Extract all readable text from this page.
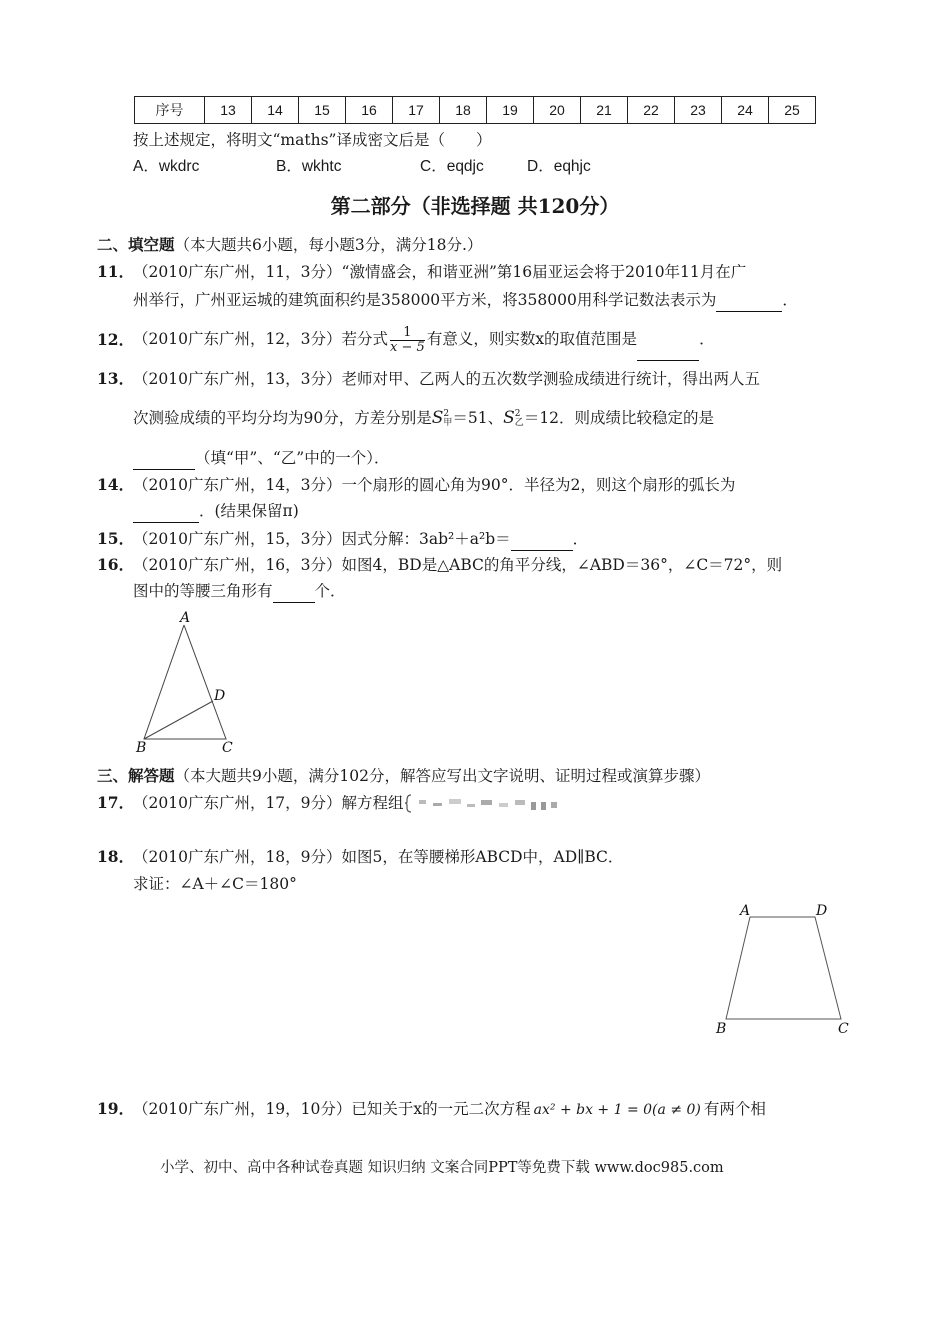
序号	13	14	15	16	17	18	19	20	21	22	23	24	25
按上述规定，将明文“maths”译成密文后是（　　）
A．wkdrc	B．wkhtc	C．eqdjc	D．eqhjc
第二部分（非选择题 共120分）
二、填空题（本大题共6小题，每小题3分，满分18分.）
11．
（2010广东广州，11，3分）“激情盛会，和谐亚洲”第16届亚运会将于2010年11月在广
州举行，广州亚运城的建筑面积约是358000平方米，将358000用科学记数法表示为	．
12．
（2010广东广州，12，3分）若分式 $\frac{1}{x - 5}$ 有意义，则实数x的取值范围是	．
13．
（2010广东广州，13，3分）老师对甲、乙两人的五次数学测验成绩进行统计，得出两人五
次测验成绩的平均分均为90分，方差分别是S 2
甲 ＝51、S 2
乙 ＝12．则成绩比较稳定的是
（填“甲”、“乙”中的一个）．
14．
（2010广东广州，14，3分）一个扇形的圆心角为90°．半径为2，则这个扇形的弧长为
．(结果保留π)
15．
（2010广东广州，15，3分）因式分解：3ab²＋a²b＝	．
16．
（2010广东广州，16，3分）如图4，BD是△ABC的角平分线，∠ABD＝36°，∠C＝72°，则
图中的等腰三角形有	个．
A
B	C
D
三、解答题（本大题共9小题，满分102分，解答应写出文字说明、证明过程或演算步骤）
17．
（2010广东广州，17，9分）解方程组
18．
（2010广东广州，18，9分）如图5，在等腰梯形ABCD中，AD∥BC．
求证：∠A＋∠C＝180°
A	D
B	C
19．
（2010广东广州，19，10分）已知关于x的一元二次方程 ax² + bx + 1 = 0(a ≠ 0) 有两个相
小学、初中、高中各种试卷真题 知识归纳 文案合同PPT等免费下载 www.doc985.com
